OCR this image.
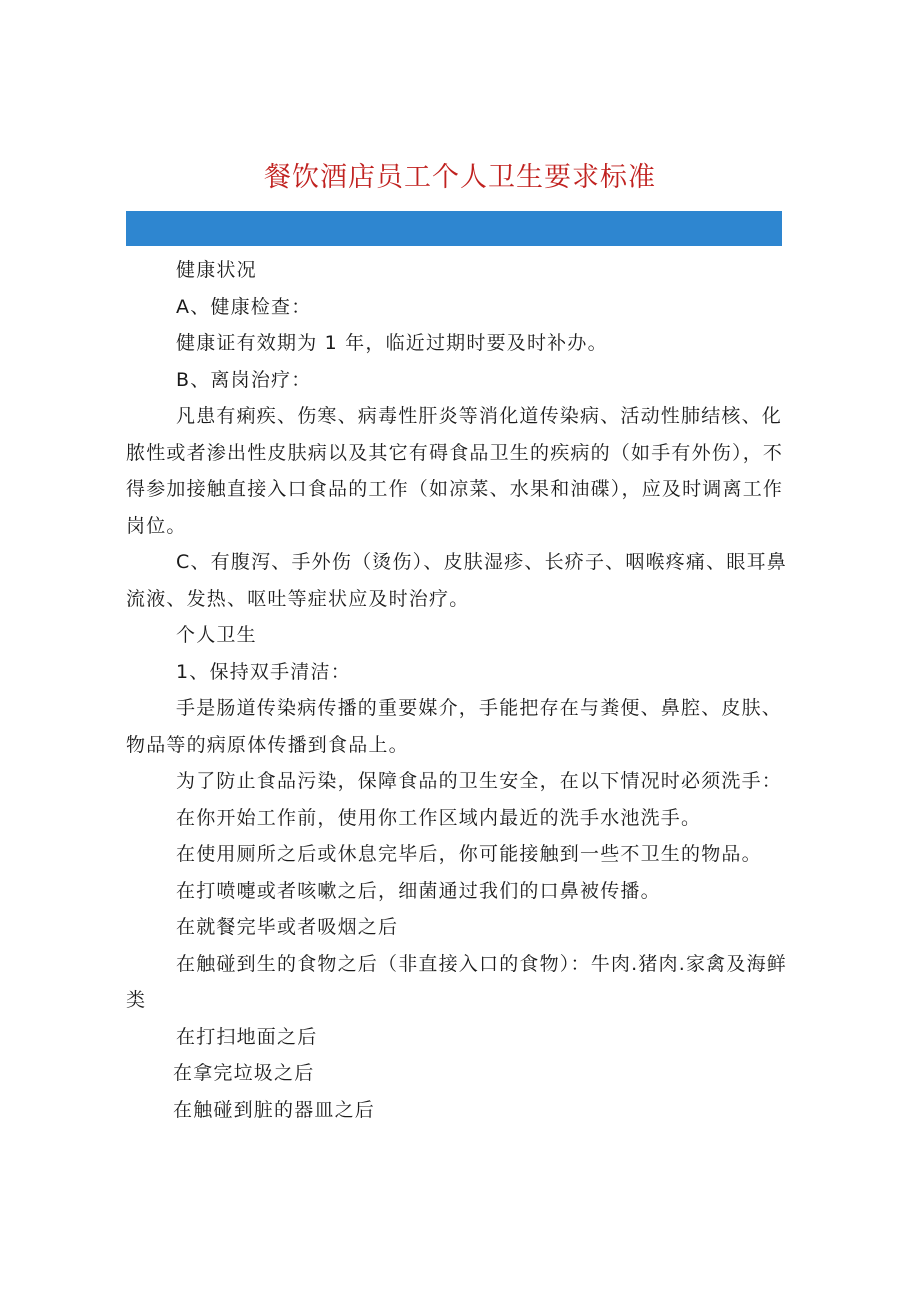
餐饮酒店员工个人卫生要求标准

健康状况

A、健康检查：

健康证有效期为 1 年，临近过期时要及时补办。

B、离岗治疗：

凡患有痢疾、伤寒、病毒性肝炎等消化道传染病、活动性肺结核、化脓性或者渗出性皮肤病以及其它有碍食品卫生的疾病的（如手有外伤），不得参加接触直接入口食品的工作（如凉菜、水果和油碟），应及时调离工作岗位。

C、有腹泻、手外伤（烫伤）、皮肤湿疹、长疥子、咽喉疼痛、眼耳鼻流液、发热、呕吐等症状应及时治疗。

个人卫生

1、保持双手清洁：

手是肠道传染病传播的重要媒介，手能把存在与粪便、鼻腔、皮肤、物品等的病原体传播到食品上。

为了防止食品污染，保障食品的卫生安全，在以下情况时必须洗手：

在你开始工作前，使用你工作区域内最近的洗手水池洗手。

在使用厕所之后或休息完毕后，你可能接触到一些不卫生的物品。

在打喷嚏或者咳嗽之后，细菌通过我们的口鼻被传播。

在就餐完毕或者吸烟之后

在触碰到生的食物之后（非直接入口的食物）：牛肉.猪肉.家禽及海鲜类

在打扫地面之后

在拿完垃圾之后

在触碰到脏的器皿之后
